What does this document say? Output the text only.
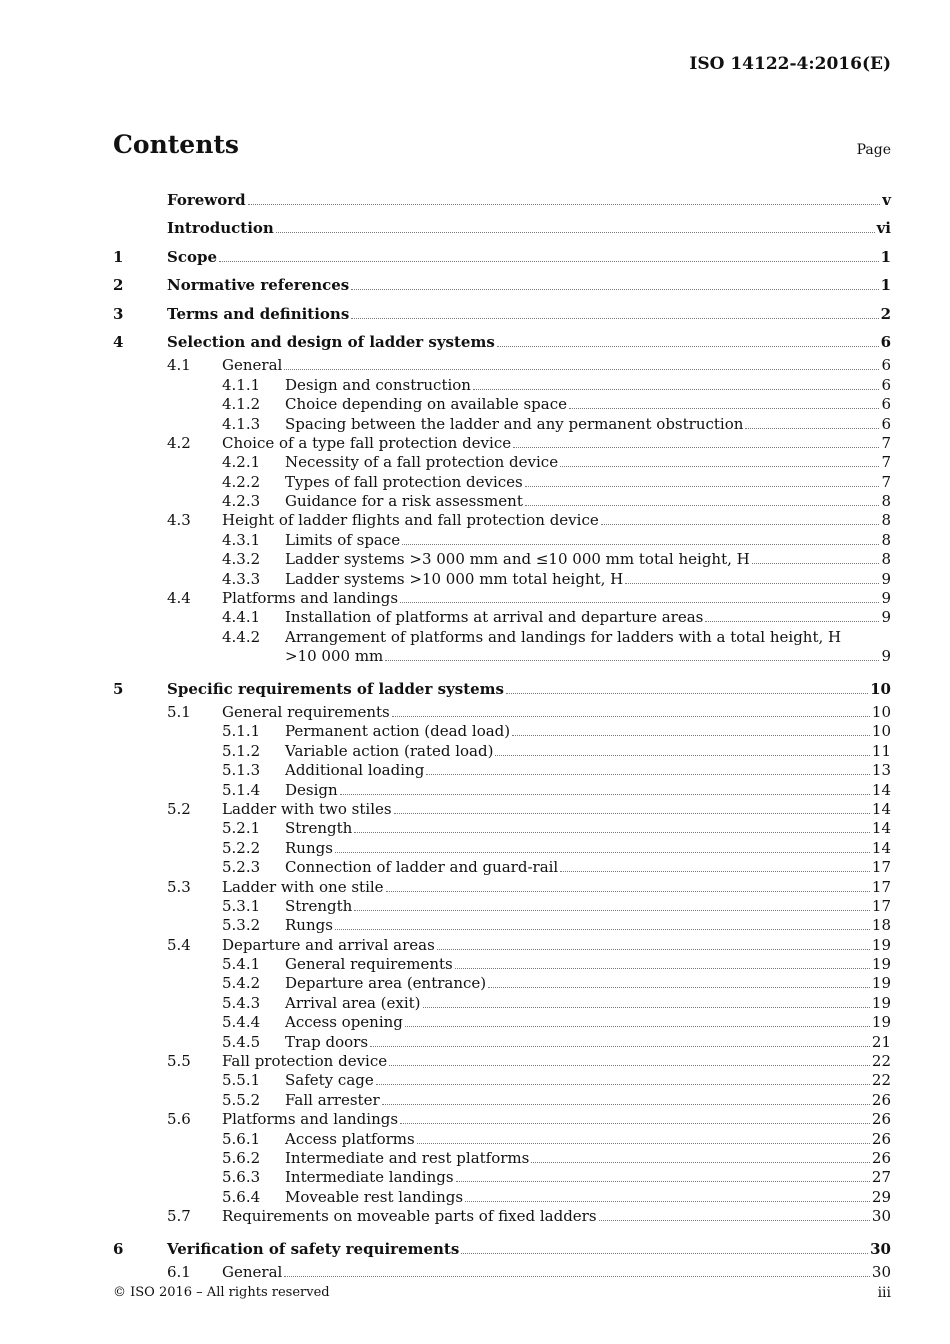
ISO 14122-4:2016(E)
Contents	Page
Foreword	v
Introduction	vi
1	Scope	1
2	Normative references	1
3	Terms and definitions	2
4	Selection and design of ladder systems	6
4.1 General	6
4.1.1 Design and construction	6
4.1.2 Choice depending on available space	6
4.1.3 Spacing between the ladder and any permanent obstruction	6
4.2 Choice of a type fall protection device	7
4.2.1 Necessity of a fall protection device	7
4.2.2 Types of fall protection devices	7
4.2.3 Guidance for a risk assessment	8
4.3 Height of ladder flights and fall protection device	8
4.3.1 Limits of space	8
4.3.2 Ladder systems >3 000 mm and ≤10 000 mm total height, H	8
4.3.3 Ladder systems >10 000 mm total height, H	9
4.4 Platforms and landings	9
4.4.1 Installation of platforms at arrival and departure areas	9
4.4.2 Arrangement of platforms and landings for ladders with a total height, H
>10 000 mm	9
5	Specific requirements of ladder systems	10
5.1 General requirements	10
5.1.1 Permanent action (dead load)	10
5.1.2 Variable action (rated load)	11
5.1.3 Additional loading	13
5.1.4 Design	14
5.2 Ladder with two stiles	14
5.2.1 Strength	14
5.2.2 Rungs	14
5.2.3 Connection of ladder and guard-rail	17
5.3 Ladder with one stile	17
5.3.1 Strength	17
5.3.2 Rungs	18
5.4 Departure and arrival areas	19
5.4.1 General requirements	19
5.4.2 Departure area (entrance)	19
5.4.3 Arrival area (exit)	19
5.4.4 Access opening	19
5.4.5 Trap doors	21
5.5 Fall protection device	22
5.5.1 Safety cage	22
5.5.2 Fall arrester	26
5.6 Platforms and landings	26
5.6.1 Access platforms	26
5.6.2 Intermediate and rest platforms	26
5.6.3 Intermediate landings	27
5.6.4 Moveable rest landings	29
5.7 Requirements on moveable parts of fixed ladders	30
6	Verification of safety requirements	30
6.1 General	30
© ISO 2016 – All rights reserved	iii
